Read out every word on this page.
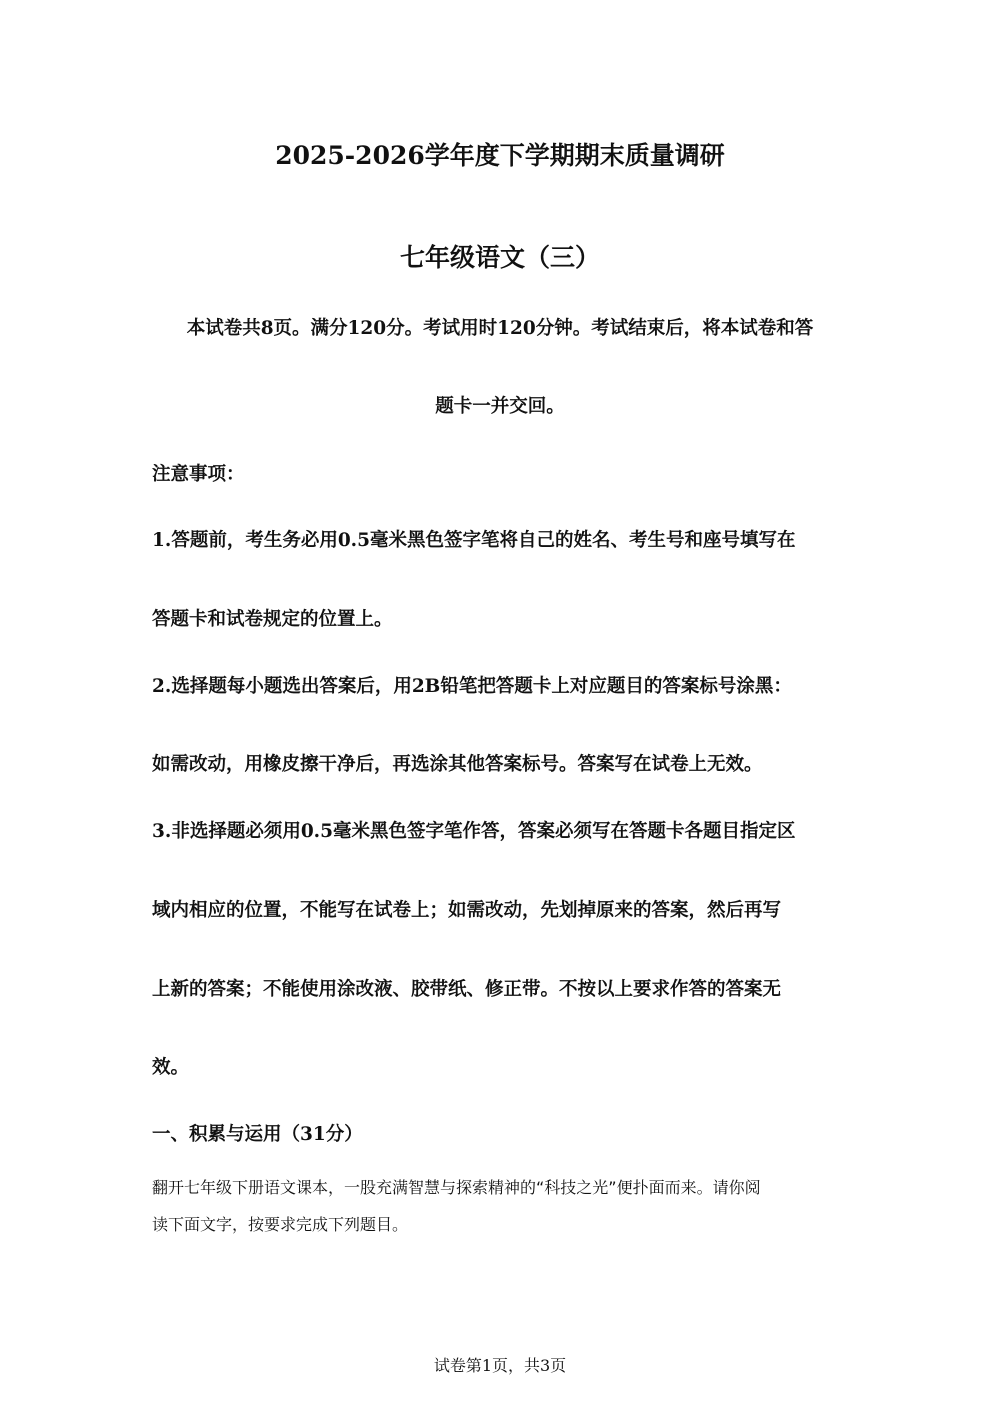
2025-2026学年度下学期期末质量调研
七年级语文（三）
本试卷共8页。满分120分。考试用时120分钟。考试结束后，将本试卷和答
题卡一并交回。
注意事项：
1.答题前，考生务必用0.5毫米黑色签字笔将自己的姓名、考生号和座号填写在
答题卡和试卷规定的位置上。
2.选择题每小题选出答案后，用2B铅笔把答题卡上对应题目的答案标号涂黑：
如需改动，用橡皮擦干净后，再选涂其他答案标号。答案写在试卷上无效。
3.非选择题必须用0.5毫米黑色签字笔作答，答案必须写在答题卡各题目指定区
域内相应的位置，不能写在试卷上；如需改动，先划掉原来的答案，然后再写
上新的答案；不能使用涂改液、胶带纸、修正带。不按以上要求作答的答案无
效。
一、积累与运用（31分）
翻开七年级下册语文课本，一股充满智慧与探索精神的“科技之光”便扑面而来。请你阅
读下面文字，按要求完成下列题目。
试卷第1页，共3页
